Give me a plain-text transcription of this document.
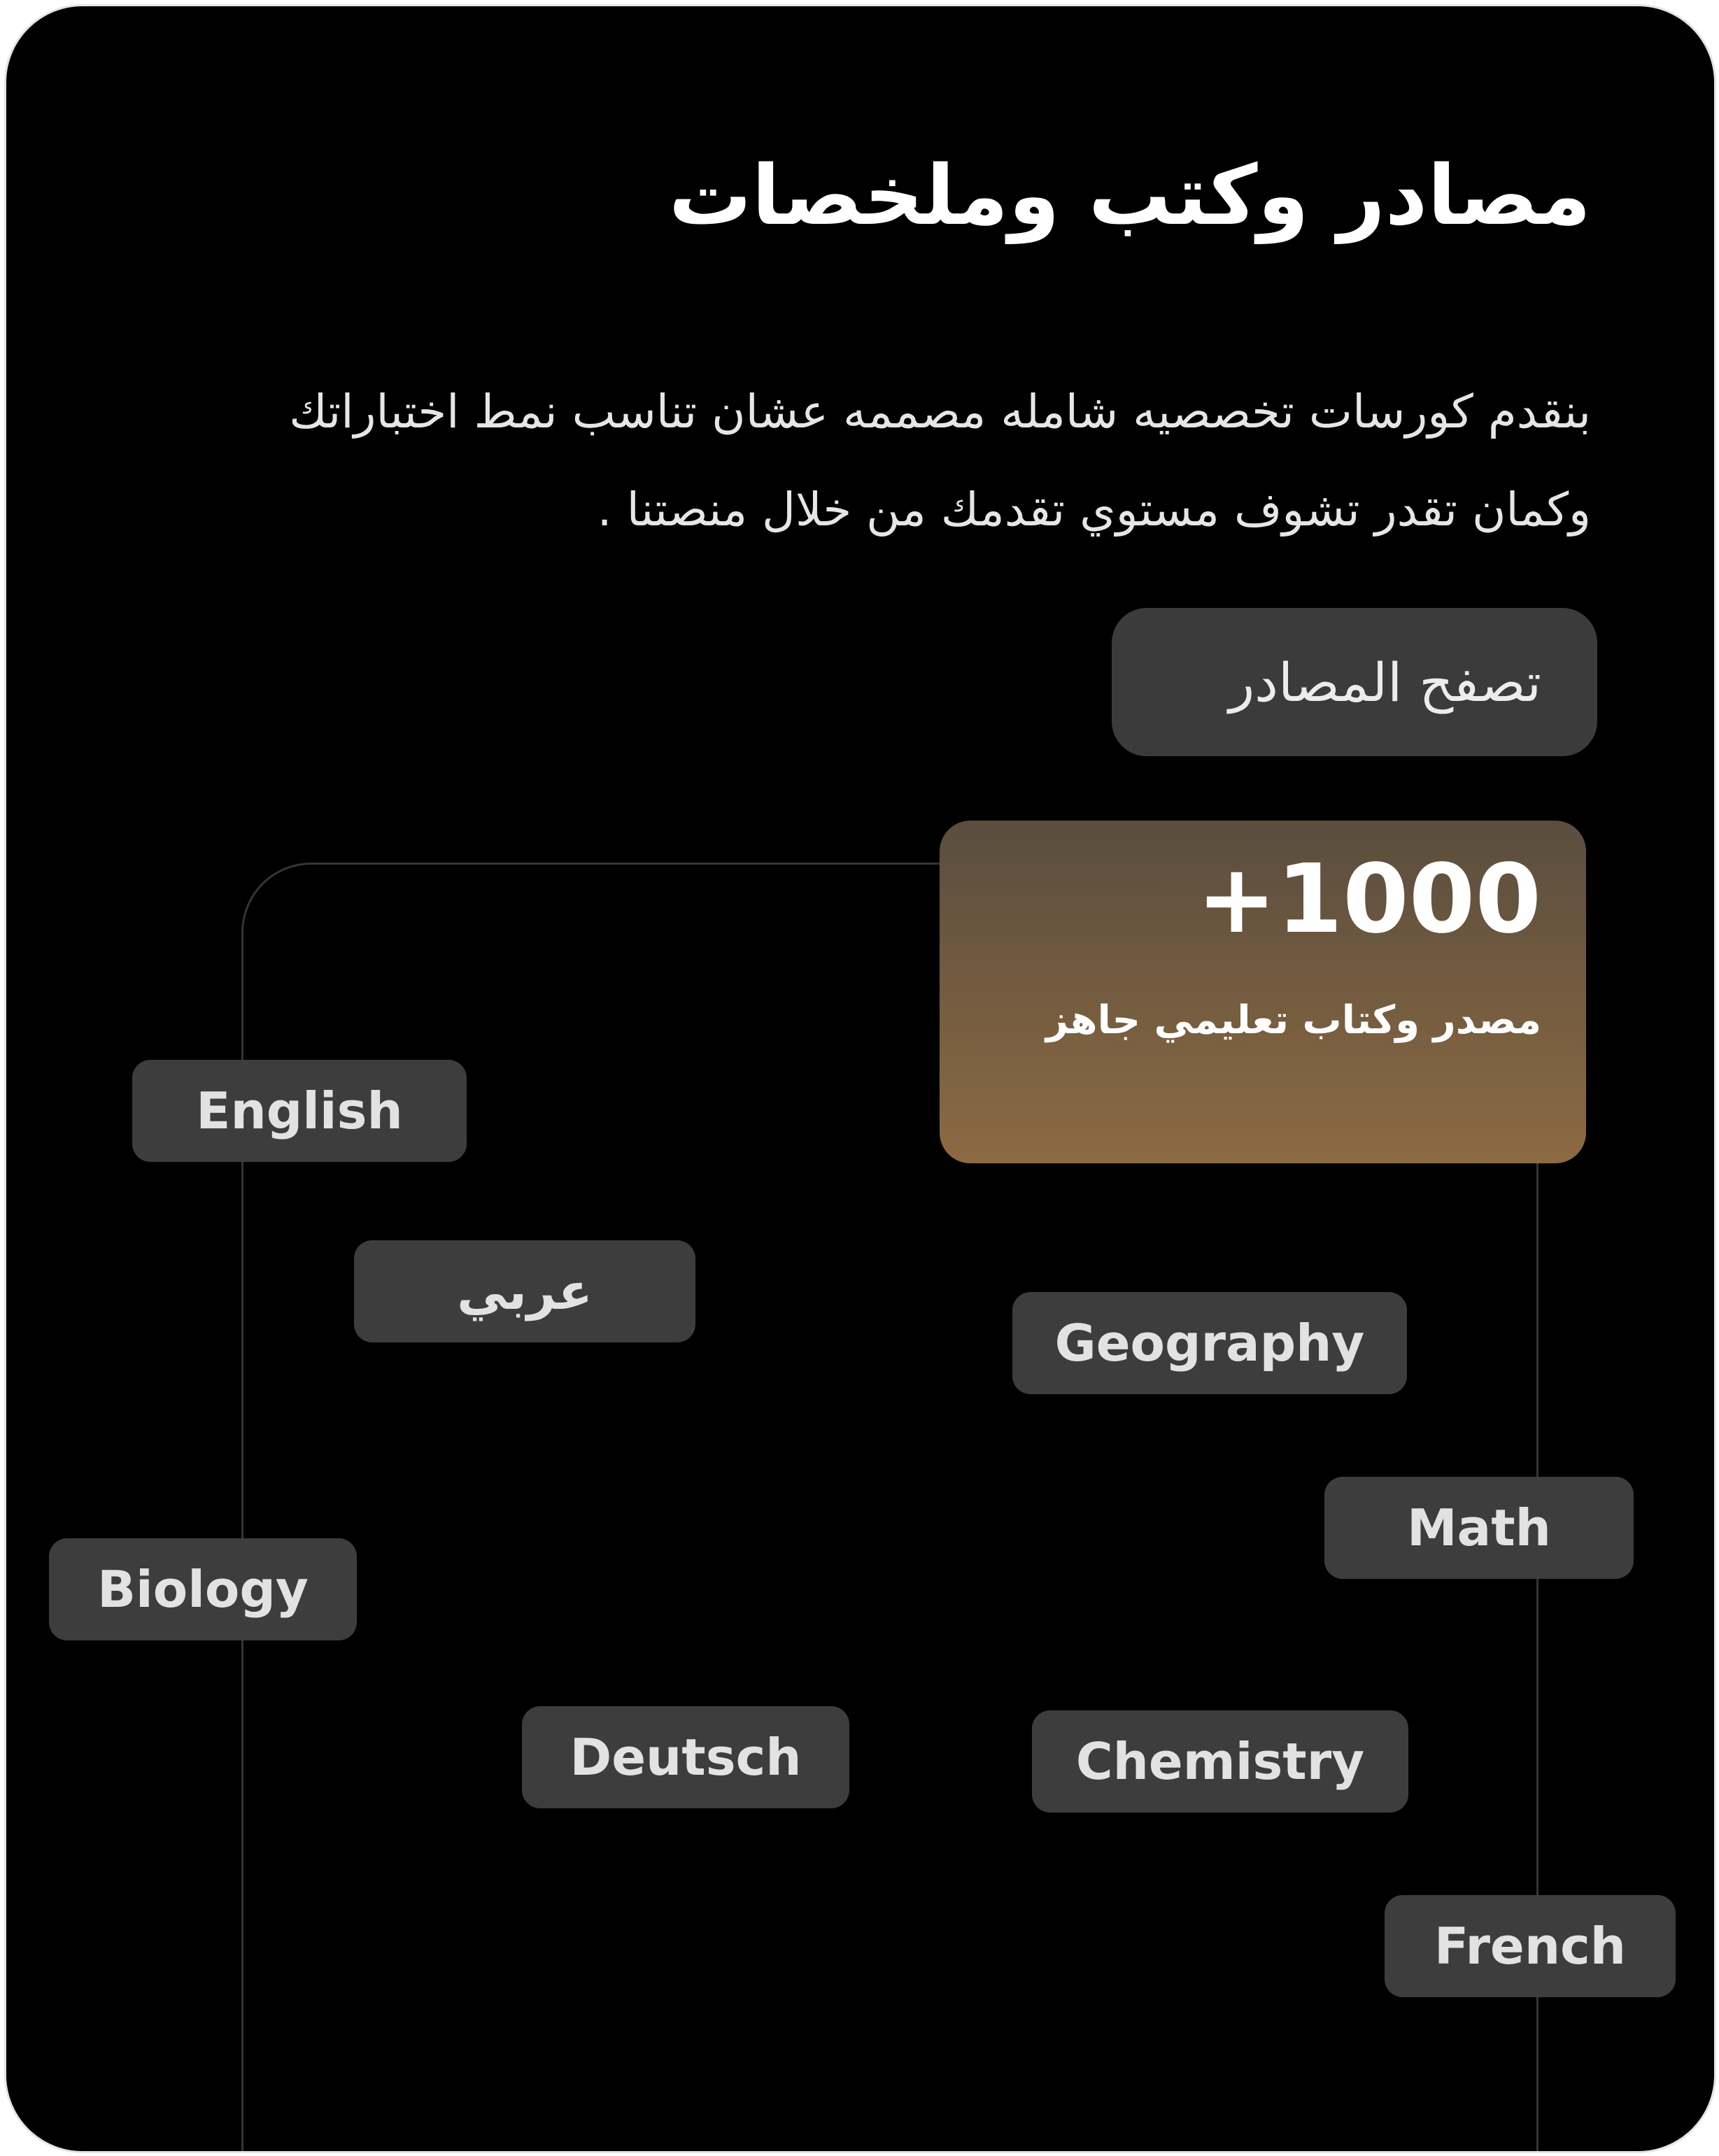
مصادر وكتب وملخصات

بنقدم كورسات تخصصيه شامله مصممه عشان تناسب نمط اختباراتك
وكمان تقدر تشوف مستوي تقدمك من خلال منصتنا .

تصفح المصادر
+1000
مصدر وكتاب تعليمي جاهز
English
عربي
Geography
Math
Biology
Deutsch	Chemistry
French
